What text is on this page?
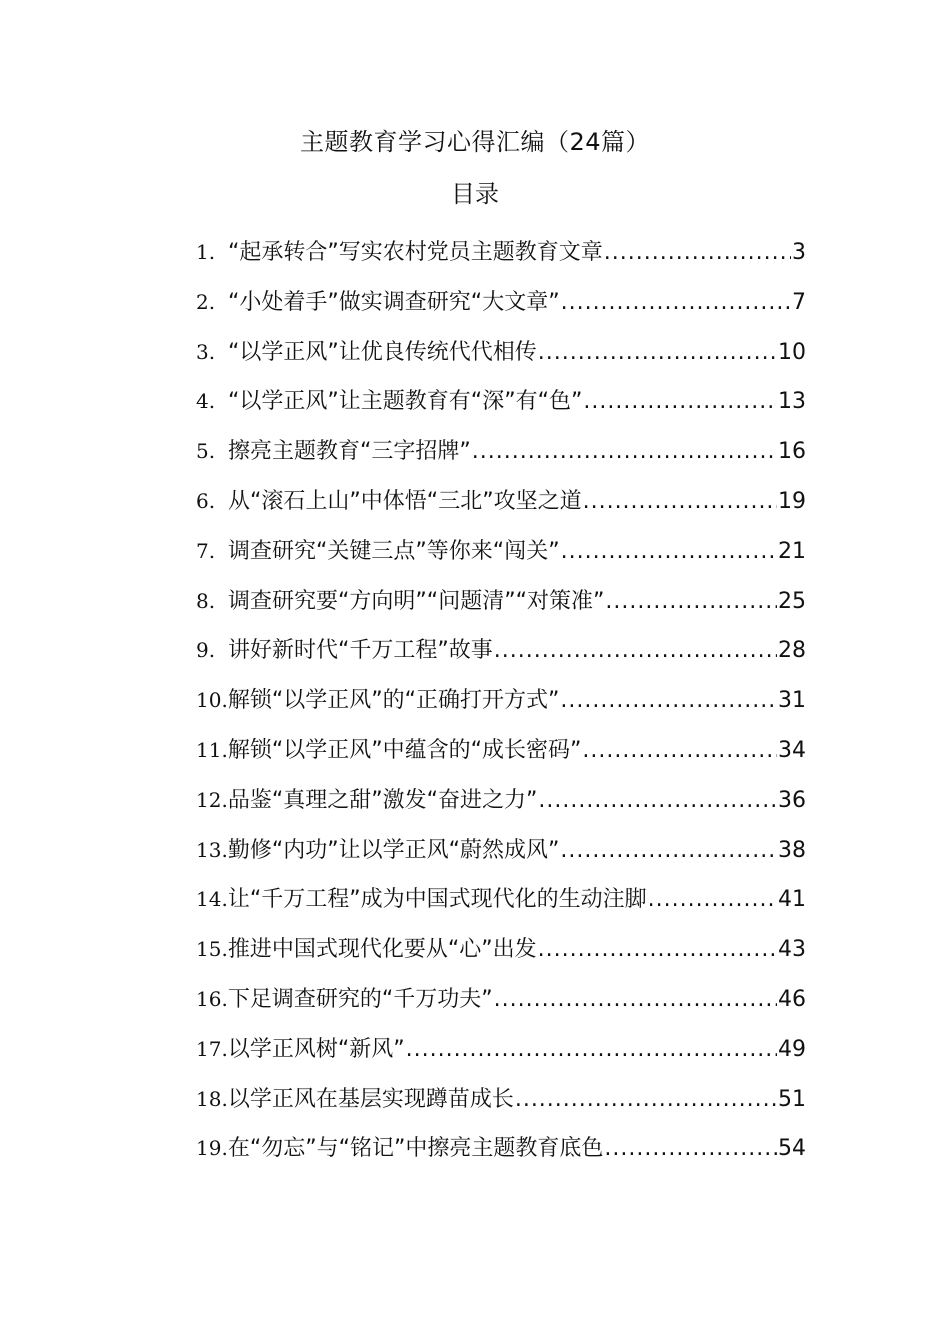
主题教育学习心得汇编（24篇）
目录
1. “起承转合”写实农村党员主题教育文章 .....	3
2. “小处着手”做实调查研究“大文章” .....	7
3. “以学正风”让优良传统代代相传 .....	10
4. “以学正风”让主题教育有“深”有“色” .....	13
5. 擦亮主题教育“三字招牌” .....	16
6. 从“滚石上山”中体悟“三北”攻坚之道 .....	19
7. 调查研究“关键三点”等你来“闯关” .....	21
8. 调查研究要“方向明”“问题清”“对策准” .....	25
9. 讲好新时代“千万工程”故事 .....	28
10. 解锁“以学正风”的“正确打开方式” .....	31
11. 解锁“以学正风”中蕴含的“成长密码” .....	34
12. 品鉴“真理之甜”激发“奋进之力” .....	36
13. 勤修“内功”让以学正风“蔚然成风” .....	38
14. 让“千万工程”成为中国式现代化的生动注脚 .....	41
15. 推进中国式现代化要从“心”出发 .....	43
16. 下足调查研究的“千万功夫” .....	46
17. 以学正风树“新风” .....	49
18. 以学正风在基层实现蹲苗成长 .....	51
19. 在“勿忘”与“铭记”中擦亮主题教育底色 .....	54
